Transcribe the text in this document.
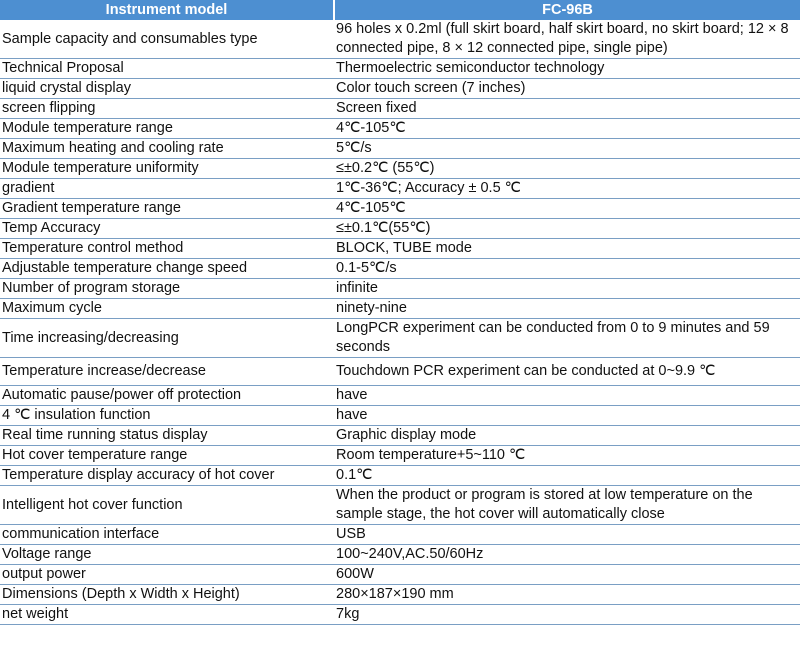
Instrument model	FC-96B
Sample capacity and consumables type	96 holes x 0.2ml (full skirt board, half skirt board, no skirt board; 12 × 8 connected pipe, 8 × 12 connected pipe, single pipe)
Technical Proposal	Thermoelectric semiconductor technology
liquid crystal display	Color touch screen (7 inches)
screen flipping	Screen fixed
Module temperature range	4℃-105℃
Maximum heating and cooling rate	5℃/s
Module temperature uniformity	≤±0.2℃ (55℃)
gradient	1℃-36℃; Accuracy ± 0.5 ℃
Gradient temperature range	4℃-105℃
Temp Accuracy	≤±0.1℃(55℃)
Temperature control method	BLOCK, TUBE mode
Adjustable temperature change speed	0.1-5℃/s
Number of program storage	infinite
Maximum cycle	ninety-nine
Time increasing/decreasing	LongPCR experiment can be conducted from 0 to 9 minutes and 59 seconds
Temperature increase/decrease	Touchdown PCR experiment can be conducted at 0~9.9 ℃
Automatic pause/power off protection	have
4 ℃ insulation function	have
Real time running status display	Graphic display mode
Hot cover temperature range	Room temperature+5~110 ℃
Temperature display accuracy of hot cover	0.1℃
Intelligent hot cover function	When the product or program is stored at low temperature on the sample stage, the hot cover will automatically close
communication interface	USB
Voltage range	100~240V,AC.50/60Hz
output power	600W
Dimensions (Depth x Width x Height)	280×187×190 mm
net weight	7kg
